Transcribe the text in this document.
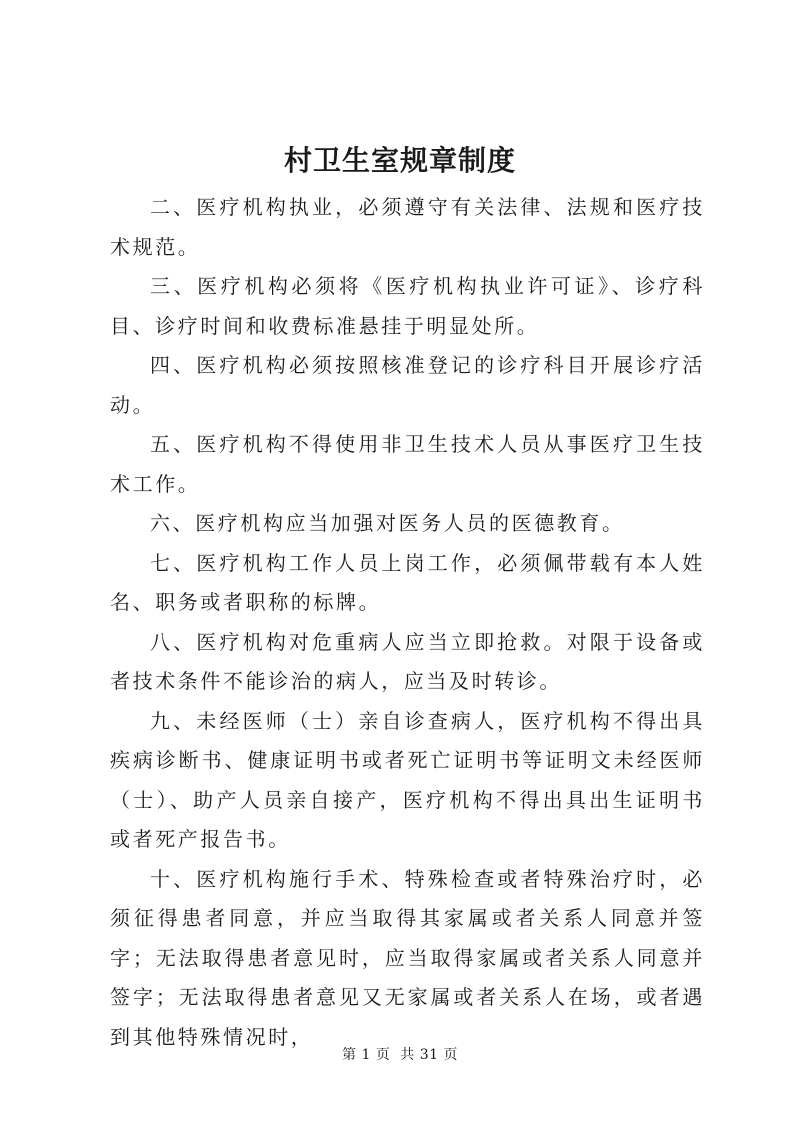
村卫生室规章制度

二、医疗机构执业，必须遵守有关法律、法规和医疗技术规范。

三、医疗机构必须将《医疗机构执业许可证》、诊疗科目、诊疗时间和收费标准悬挂于明显处所。

四、医疗机构必须按照核准登记的诊疗科目开展诊疗活动。

五、医疗机构不得使用非卫生技术人员从事医疗卫生技术工作。

六、医疗机构应当加强对医务人员的医德教育。

七、医疗机构工作人员上岗工作，必须佩带载有本人姓名、职务或者职称的标牌。

八、医疗机构对危重病人应当立即抢救。对限于设备或者技术条件不能诊治的病人，应当及时转诊。

九、未经医师（士）亲自诊查病人，医疗机构不得出具疾病诊断书、健康证明书或者死亡证明书等证明文未经医师（士）、助产人员亲自接产，医疗机构不得出具出生证明书或者死产报告书。

十、医疗机构施行手术、特殊检查或者特殊治疗时，必须征得患者同意，并应当取得其家属或者关系人同意并签字；无法取得患者意见时，应当取得家属或者关系人同意并签字；无法取得患者意见又无家属或者关系人在场，或者遇到其他特殊情况时，

第 1 页  共 31 页
